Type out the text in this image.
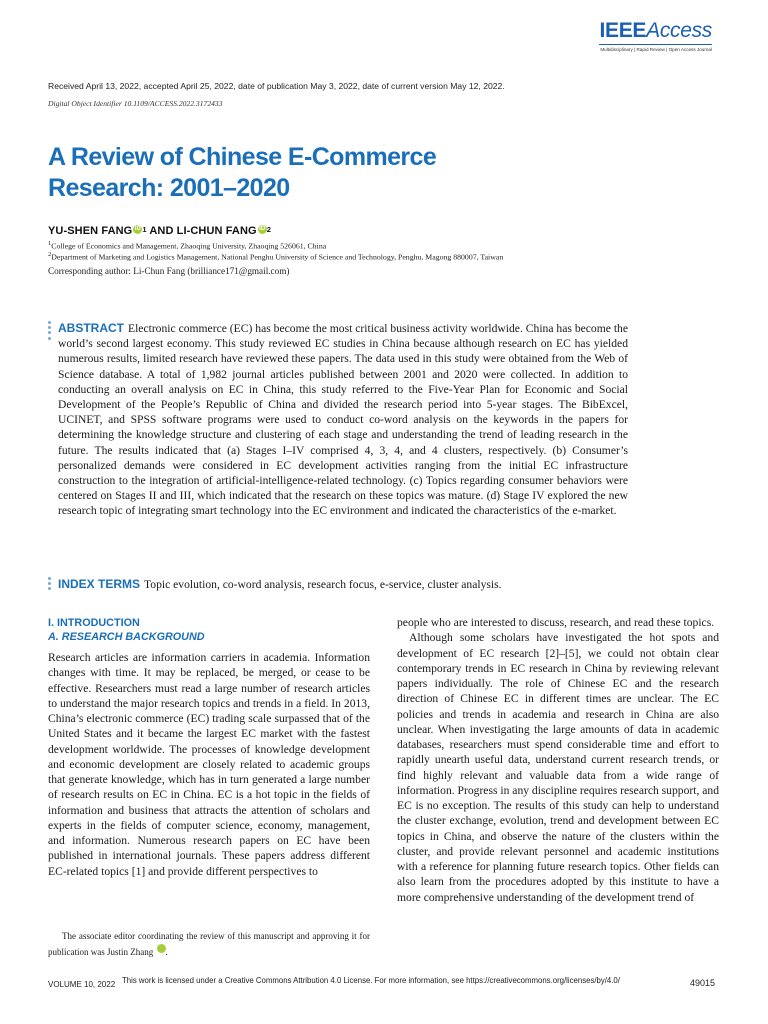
IEEEAccess
Multidisciplinary | Rapid Review | Open Access Journal
Received April 13, 2022, accepted April 25, 2022, date of publication May 3, 2022, date of current version May 12, 2022.
Digital Object Identifier 10.1109/ACCESS.2022.3172433
A Review of Chinese E-Commerce
Research: 2001–2020
YU-SHEN FANG $iD^1$ AND LI-CHUN FANG $iD^2$
$^1$College of Economics and Management, Zhaoqing University, Zhaoqing 526061, China
$^2$Department of Marketing and Logistics Management, National Penghu University of Science and Technology, Penghu, Magong 880007, Taiwan
Corresponding author: Li-Chun Fang (brilliance171@gmail.com)
ABSTRACT Electronic commerce (EC) has become the most critical business activity worldwide. China has become the world’s second largest economy. This study reviewed EC studies in China because although research on EC has yielded numerous results, limited research have reviewed these papers. The data used in this study were obtained from the Web of Science database. A total of 1,982 journal articles published between 2001 and 2020 were collected. In addition to conducting an overall analysis on EC in China, this study referred to the Five-Year Plan for Economic and Social Development of the People’s Republic of China and divided the research period into 5-year stages. The BibExcel, UCINET, and SPSS software programs were used to conduct co-word analysis on the keywords in the papers for determining the knowledge structure and clustering of each stage and understanding the trend of leading research in the future. The results indicated that (a) Stages I–IV comprised 4, 3, 4, and 4 clusters, respectively. (b) Consumer’s personalized demands were considered in EC development activities ranging from the initial EC infrastructure construction to the integration of artificial-intelligence-related technology. (c) Topics regarding consumer behaviors were centered on Stages II and III, which indicated that the research on these topics was mature. (d) Stage IV explored the new research topic of integrating smart technology into the EC environment and indicated the characteristics of the e-market.
INDEX TERMS Topic evolution, co-word analysis, research focus, e-service, cluster analysis.
I. INTRODUCTION
A. RESEARCH BACKGROUND

Research articles are information carriers in academia. Information changes with time. It may be replaced, be merged, or cease to be effective. Researchers must read a large number of research articles to understand the major research topics and trends in a field. In 2013, China’s electronic commerce (EC) trading scale surpassed that of the United States and it became the largest EC market with the fastest development worldwide. The processes of knowledge development and economic development are closely related to academic groups that generate knowledge, which has in turn generated a large number of research results on EC in China. EC is a hot topic in the fields of information and business that attracts the attention of scholars and experts in the fields of computer science, economy, management, and information. Numerous research papers on EC have been published in international journals. These papers address different EC-related topics [1] and provide different perspectives to

people who are interested to discuss, research, and read these topics.

Although some scholars have investigated the hot spots and development of EC research [2]–[5], we could not obtain clear contemporary trends in EC research in China by reviewing relevant papers individually. The role of Chinese EC and the research direction of Chinese EC in different times are unclear. The EC policies and trends in academia and research in China are also unclear. When investigating the large amounts of data in academic databases, researchers must spend considerable time and effort to rapidly unearth useful data, understand current research trends, or find highly relevant and valuable data from a wide range of information. Progress in any discipline requires research support, and EC is no exception. The results of this study can help to understand the cluster exchange, evolution, trend and development between EC topics in China, and observe the nature of the clusters within the cluster, and provide relevant personnel and academic institutions with a reference for planning future research topics. Other fields can also learn from the procedures adopted by this institute to have a more comprehensive understanding of the development trend of

The associate editor coordinating the review of this manuscript and approving it for publication was Justin Zhang	iD.
VOLUME 10, 2022 This work is licensed under a Creative Commons Attribution 4.0 License. For more information, see https://creativecommons.org/licenses/by/4.0/	49015
